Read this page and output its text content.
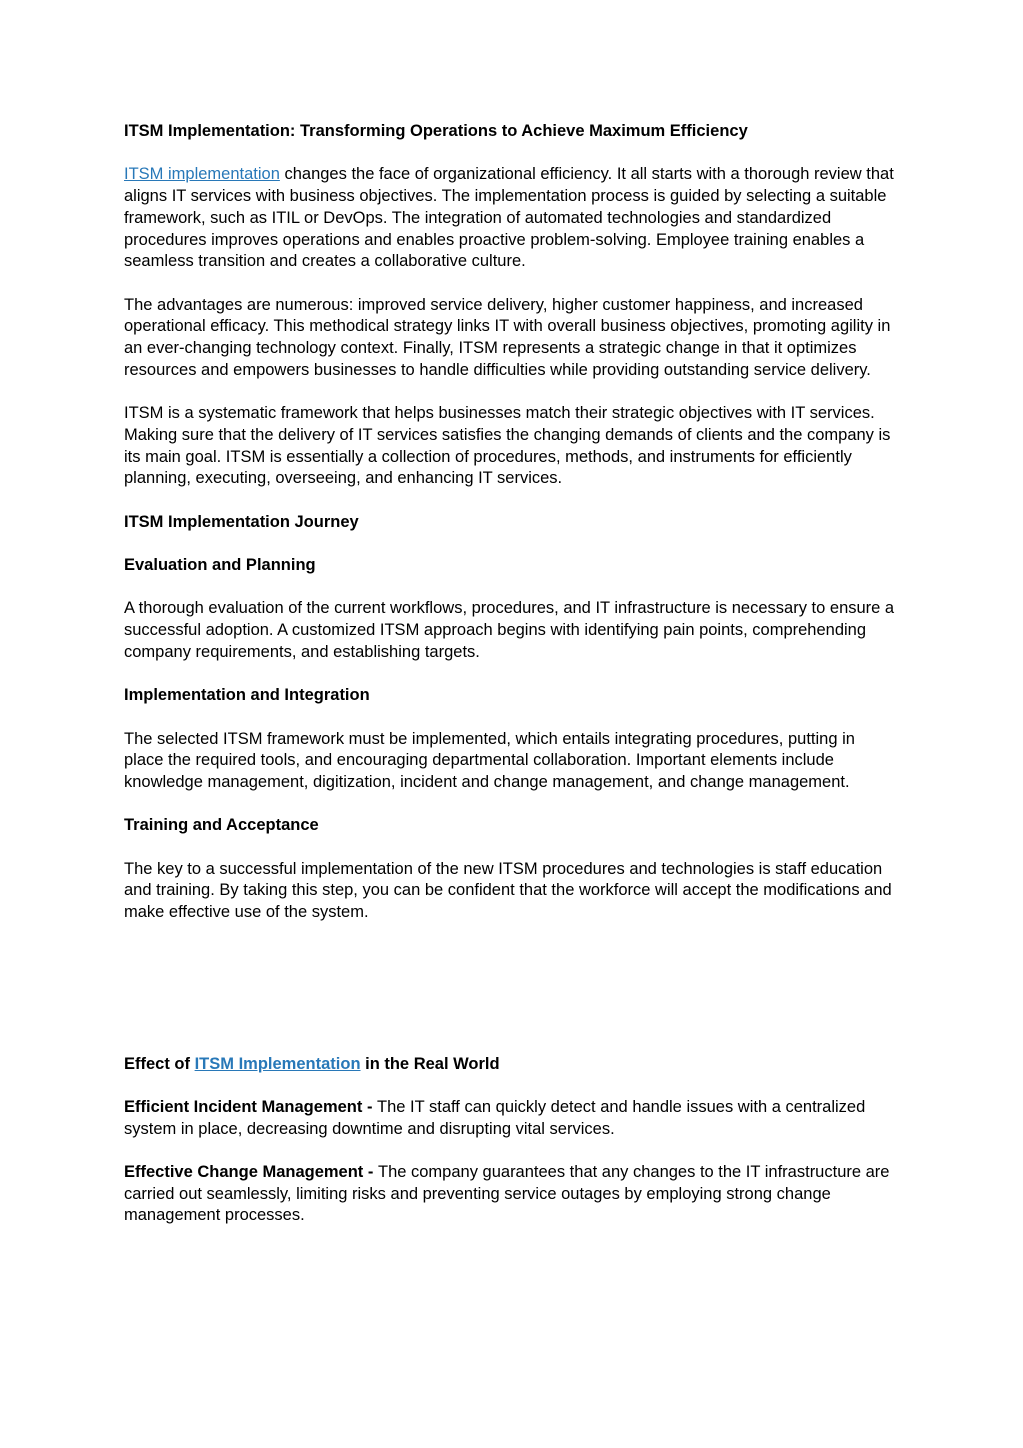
ITSM Implementation: Transforming Operations to Achieve Maximum Efficiency

ITSM implementation changes the face of organizational efficiency. It all starts with a thorough review that aligns IT services with business objectives. The implementation process is guided by selecting a suitable framework, such as ITIL or DevOps. The integration of automated technologies and standardized procedures improves operations and enables proactive problem-solving. Employee training enables a seamless transition and creates a collaborative culture.

The advantages are numerous: improved service delivery, higher customer happiness, and increased operational efficacy. This methodical strategy links IT with overall business objectives, promoting agility in an ever-changing technology context. Finally, ITSM represents a strategic change in that it optimizes resources and empowers businesses to handle difficulties while providing outstanding service delivery.

ITSM is a systematic framework that helps businesses match their strategic objectives with IT services. Making sure that the delivery of IT services satisfies the changing demands of clients and the company is its main goal. ITSM is essentially a collection of procedures, methods, and instruments for efficiently planning, executing, overseeing, and enhancing IT services.

ITSM Implementation Journey

Evaluation and Planning

A thorough evaluation of the current workflows, procedures, and IT infrastructure is necessary to ensure a successful adoption. A customized ITSM approach begins with identifying pain points, comprehending company requirements, and establishing targets.

Implementation and Integration

The selected ITSM framework must be implemented, which entails integrating procedures, putting in place the required tools, and encouraging departmental collaboration. Important elements include knowledge management, digitization, incident and change management, and change management.

Training and Acceptance

The key to a successful implementation of the new ITSM procedures and technologies is staff education and training. By taking this step, you can be confident that the workforce will accept the modifications and make effective use of the system.

Effect of ITSM Implementation in the Real World

Efficient Incident Management - The IT staff can quickly detect and handle issues with a centralized system in place, decreasing downtime and disrupting vital services.

Effective Change Management - The company guarantees that any changes to the IT infrastructure are carried out seamlessly, limiting risks and preventing service outages by employing strong change management processes.
